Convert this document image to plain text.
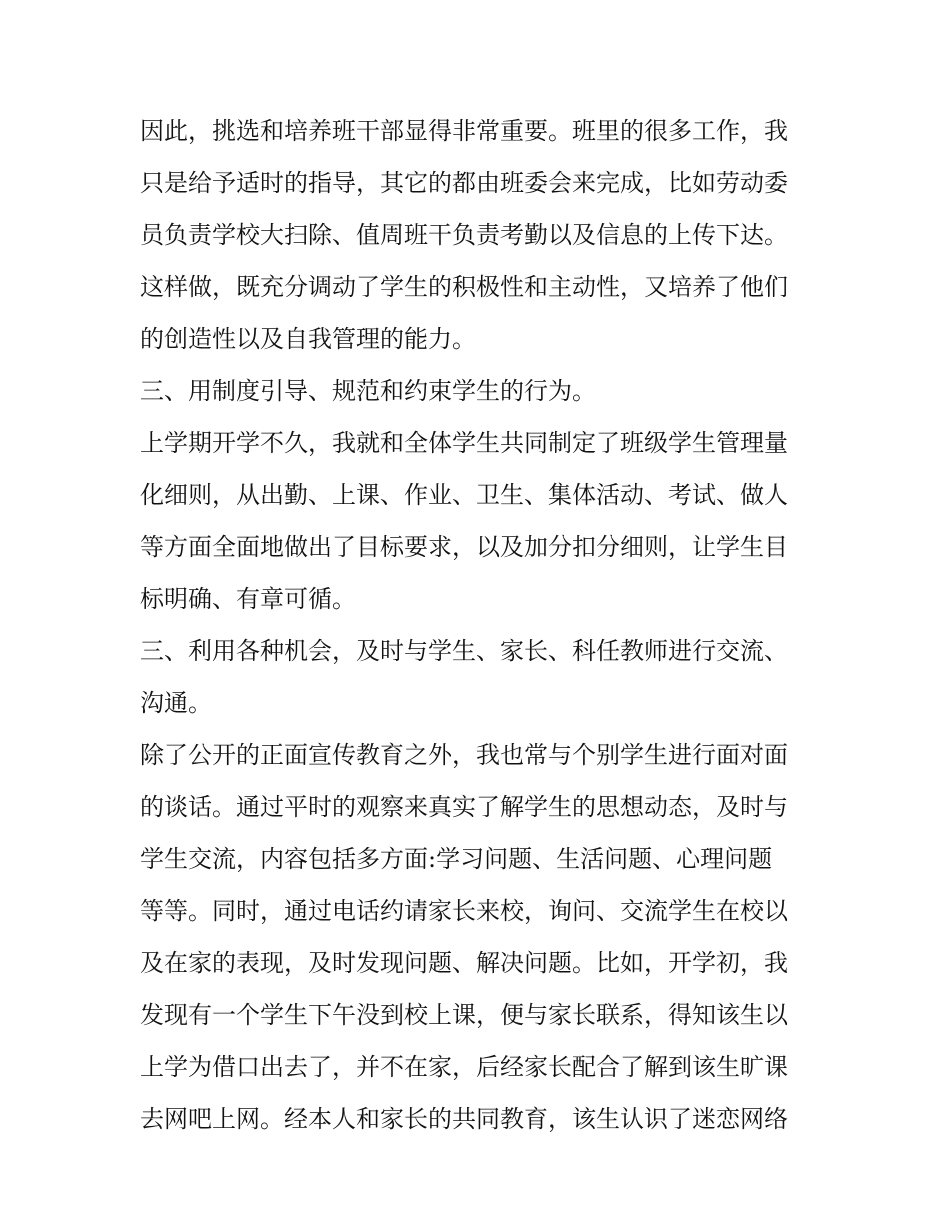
因此，挑选和培养班干部显得非常重要。班里的很多工作，我
只是给予适时的指导，其它的都由班委会来完成，比如劳动委
员负责学校大扫除、值周班干负责考勤以及信息的上传下达。
这样做，既充分调动了学生的积极性和主动性，又培养了他们
的创造性以及自我管理的能力。
三、用制度引导、规范和约束学生的行为。
上学期开学不久，我就和全体学生共同制定了班级学生管理量
化细则，从出勤、上课、作业、卫生、集体活动、考试、做人
等方面全面地做出了目标要求，以及加分扣分细则，让学生目
标明确、有章可循。
三、利用各种机会，及时与学生、家长、科任教师进行交流、
沟通。
除了公开的正面宣传教育之外，我也常与个别学生进行面对面
的谈话。通过平时的观察来真实了解学生的思想动态，及时与
学生交流，内容包括多方面:学习问题、生活问题、心理问题
等等。同时，通过电话约请家长来校，询问、交流学生在校以
及在家的表现，及时发现问题、解决问题。比如，开学初，我
发现有一个学生下午没到校上课，便与家长联系，得知该生以
上学为借口出去了，并不在家，后经家长配合了解到该生旷课
去网吧上网。经本人和家长的共同教育，该生认识了迷恋网络
